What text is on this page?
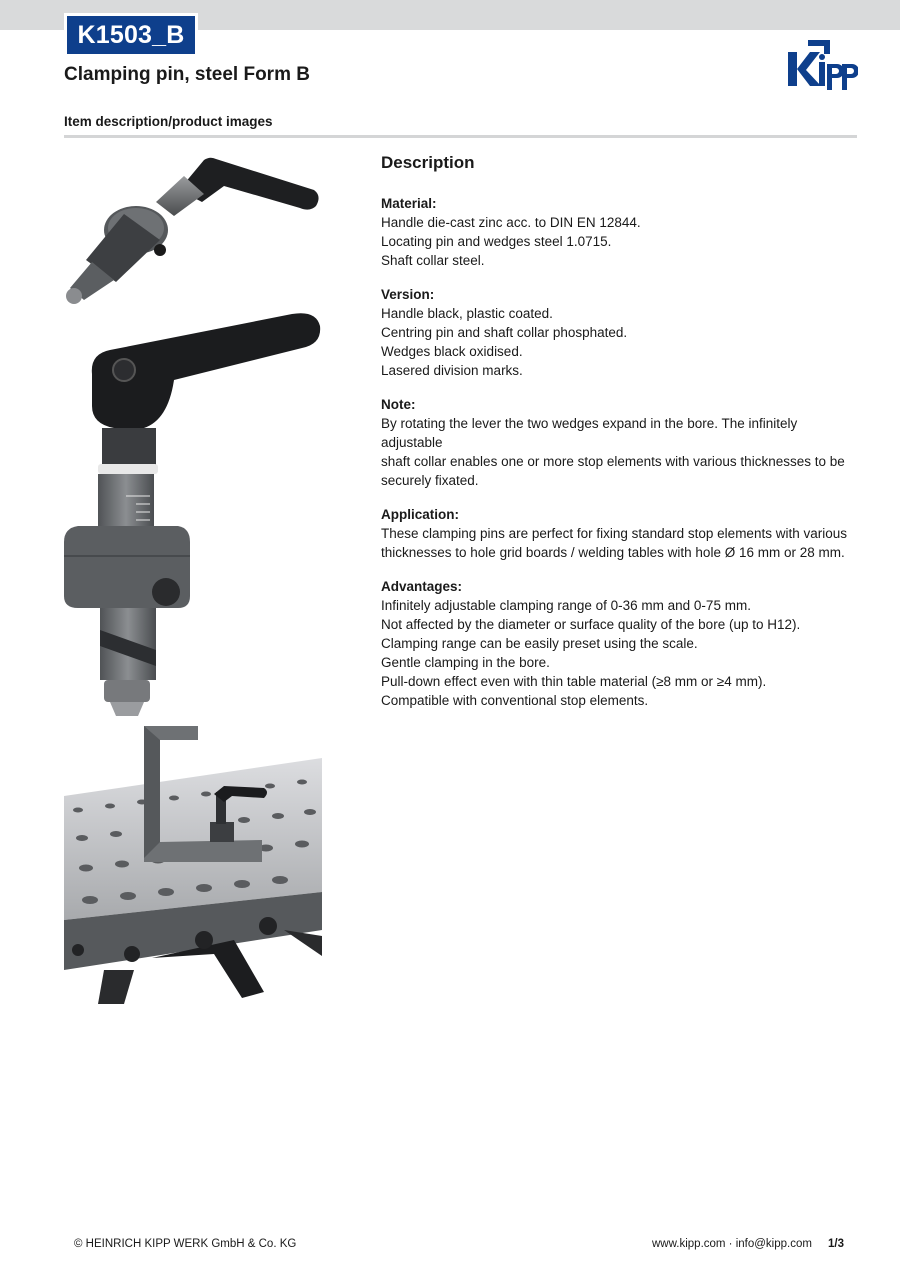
K1503_B
Clamping pin, steel Form B
Item description/product images
Description
Material:
Handle die-cast zinc acc. to DIN EN 12844.
Locating pin and wedges steel 1.0715.
Shaft collar steel.
Version:
Handle black, plastic coated.
Centring pin and shaft collar phosphated.
Wedges black oxidised.
Lasered division marks.
Note:
By rotating the lever the two wedges expand in the bore. The infinitely adjustable
shaft collar enables one or more stop elements with various thicknesses to be
securely fixated.
Application:
These clamping pins are perfect for fixing standard stop elements with various
thicknesses to hole grid boards / welding tables with hole Ø 16 mm or 28 mm.
Advantages:
Infinitely adjustable clamping range of 0-36 mm and 0-75 mm.
Not affected by the diameter or surface quality of the bore (up to H12).
Clamping range can be easily preset using the scale.
Gentle clamping in the bore.
Pull-down effect even with thin table material (≥8 mm or ≥4 mm).
Compatible with conventional stop elements.
© HEINRICH KIPP WERK GmbH & Co. KG	www.kipp.com · info@kipp.com 1/3
